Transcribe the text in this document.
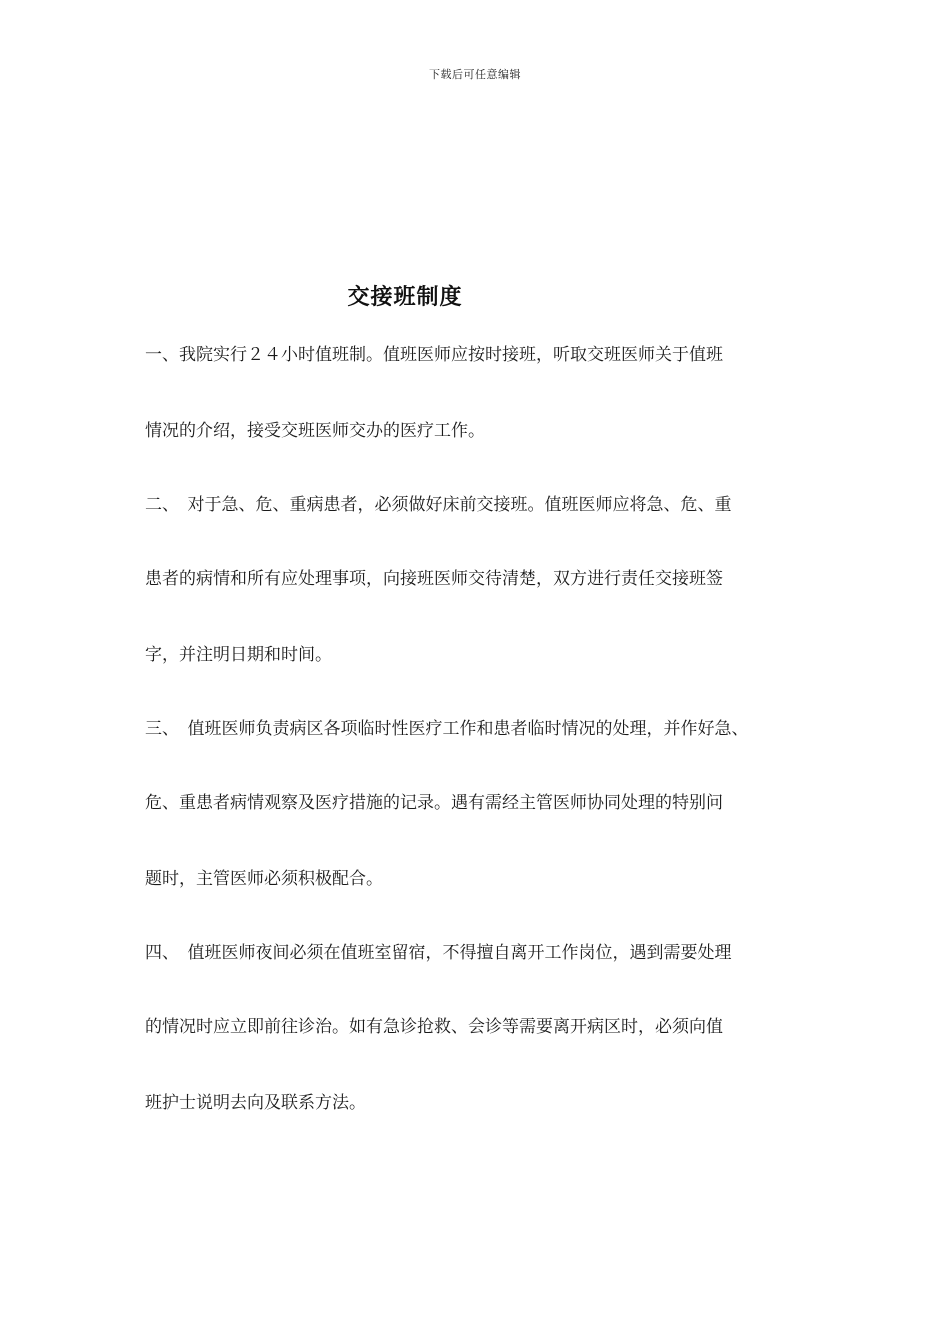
下载后可任意编辑
交接班制度
一、我院实行２４小时值班制。值班医师应按时接班，听取交班医师关于值班
情况的介绍，接受交班医师交办的医疗工作。
二、　对于急、危、重病患者，必须做好床前交接班。值班医师应将急、危、重
患者的病情和所有应处理事项，向接班医师交待清楚，双方进行责任交接班签
字，并注明日期和时间。
三、　值班医师负责病区各项临时性医疗工作和患者临时情况的处理，并作好急、
危、重患者病情观察及医疗措施的记录。遇有需经主管医师协同处理的特别问
题时，主管医师必须积极配合。
四、　值班医师夜间必须在值班室留宿，不得擅自离开工作岗位，遇到需要处理
的情况时应立即前往诊治。如有急诊抢救、会诊等需要离开病区时，必须向值
班护士说明去向及联系方法。
